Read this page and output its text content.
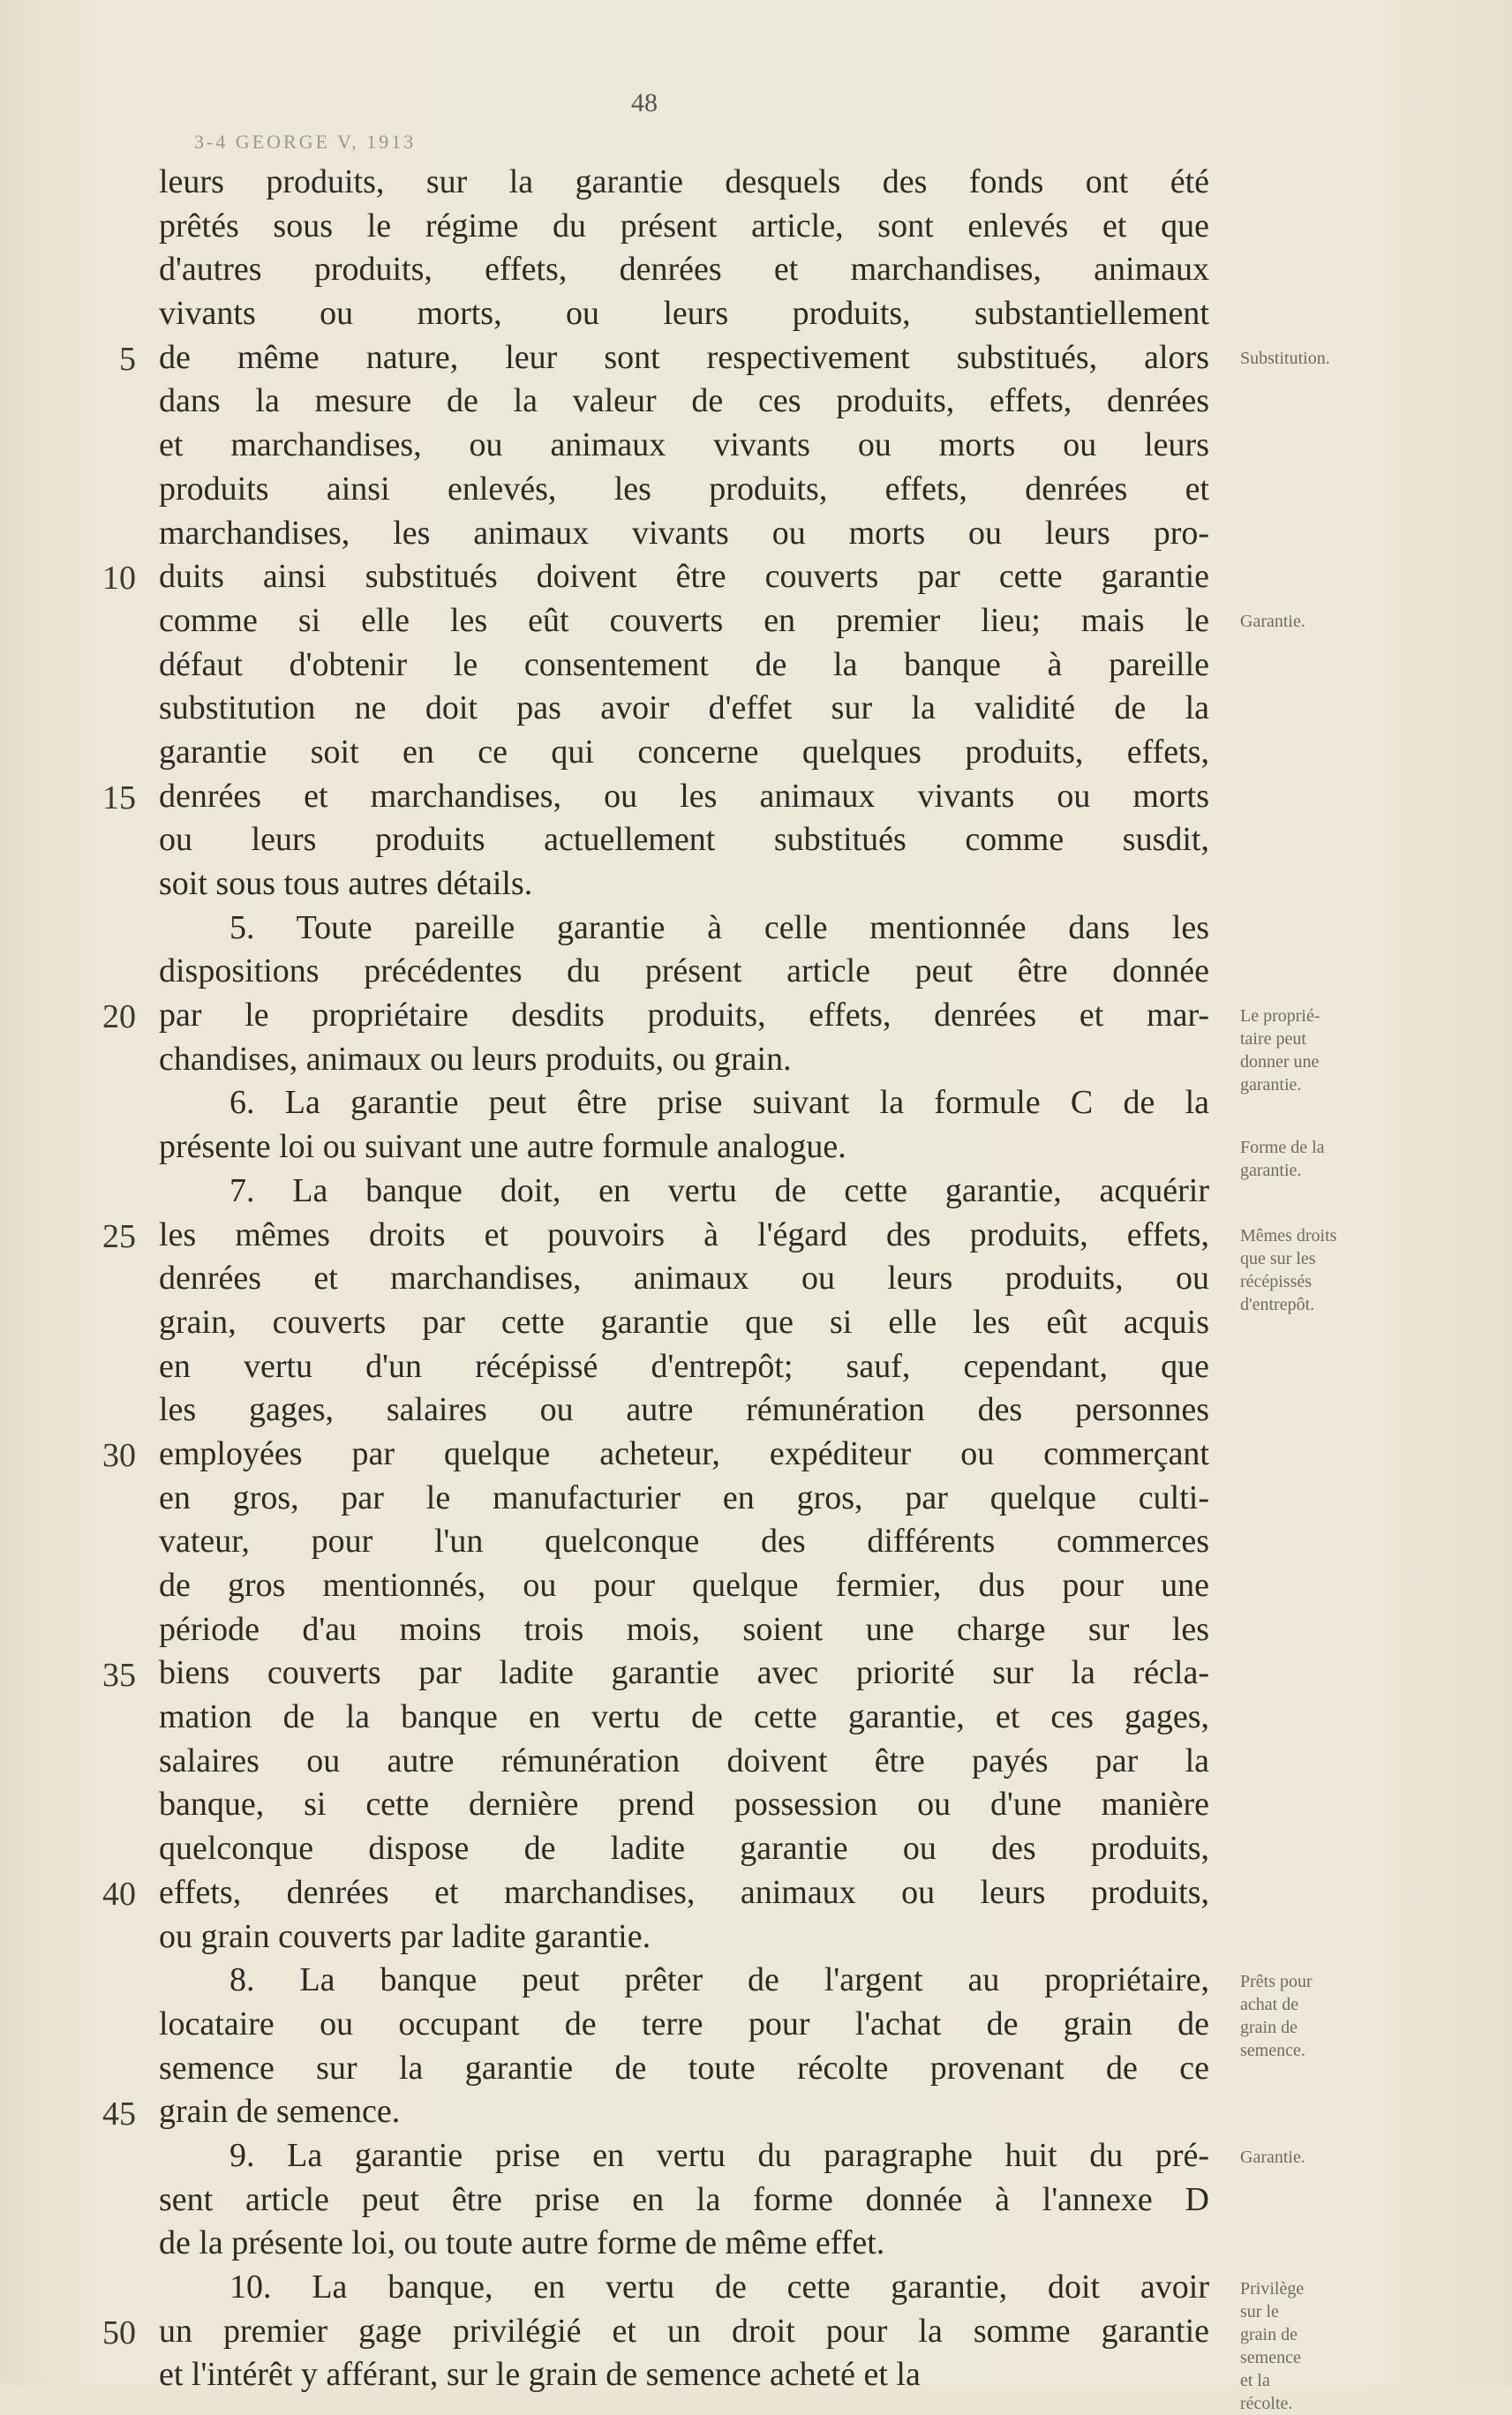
48
3-4 GEORGE V, 1913
leurs produits, sur la garantie desquels des fonds ont été
prêtés sous le régime du présent article, sont enlevés et que
d'autres produits, effets, denrées et marchandises, animaux
vivants ou morts, ou leurs produits, substantiellement
de même nature, leur sont respectivement substitués, alors
dans la mesure de la valeur de ces produits, effets, denrées
et marchandises, ou animaux vivants ou morts ou leurs
produits ainsi enlevés, les produits, effets, denrées et
marchandises, les animaux vivants ou morts ou leurs pro-
duits ainsi substitués doivent être couverts par cette garantie
comme si elle les eût couverts en premier lieu; mais le
défaut d'obtenir le consentement de la banque à pareille
substitution ne doit pas avoir d'effet sur la validité de la
garantie soit en ce qui concerne quelques produits, effets,
denrées et marchandises, ou les animaux vivants ou morts
ou leurs produits actuellement substitués comme susdit,
soit sous tous autres détails.
5. Toute pareille garantie à celle mentionnée dans les
dispositions précédentes du présent article peut être donnée
par le propriétaire desdits produits, effets, denrées et mar-
chandises, animaux ou leurs produits, ou grain.
6. La garantie peut être prise suivant la formule C de la
présente loi ou suivant une autre formule analogue.
7. La banque doit, en vertu de cette garantie, acquérir
les mêmes droits et pouvoirs à l'égard des produits, effets,
denrées et marchandises, animaux ou leurs produits, ou
grain, couverts par cette garantie que si elle les eût acquis
en vertu d'un récépissé d'entrepôt; sauf, cependant, que
les gages, salaires ou autre rémunération des personnes
employées par quelque acheteur, expéditeur ou commerçant
en gros, par le manufacturier en gros, par quelque culti-
vateur, pour l'un quelconque des différents commerces
de gros mentionnés, ou pour quelque fermier, dus pour une
période d'au moins trois mois, soient une charge sur les
biens couverts par ladite garantie avec priorité sur la récla-
mation de la banque en vertu de cette garantie, et ces gages,
salaires ou autre rémunération doivent être payés par la
banque, si cette dernière prend possession ou d'une manière
quelconque dispose de ladite garantie ou des produits,
effets, denrées et marchandises, animaux ou leurs produits,
ou grain couverts par ladite garantie.
8. La banque peut prêter de l'argent au propriétaire,
locataire ou occupant de terre pour l'achat de grain de
semence sur la garantie de toute récolte provenant de ce
grain de semence.
9. La garantie prise en vertu du paragraphe huit du pré-
sent article peut être prise en la forme donnée à l'annexe D
de la présente loi, ou toute autre forme de même effet.
10. La banque, en vertu de cette garantie, doit avoir
un premier gage privilégié et un droit pour la somme garantie
et l'intérêt y afférant, sur le grain de semence acheté et la
5
10
15
20
25
30
35
40
45
50
Substitution.
Garantie.
Le proprié-
taire peut
donner une
garantie.
Forme de la
garantie.
Mêmes droits
que sur les
récépissés
d'entrepôt.
Prêts pour
achat de
grain de
semence.
Garantie.
Privilège
sur le
grain de
semence
et la
récolte.
